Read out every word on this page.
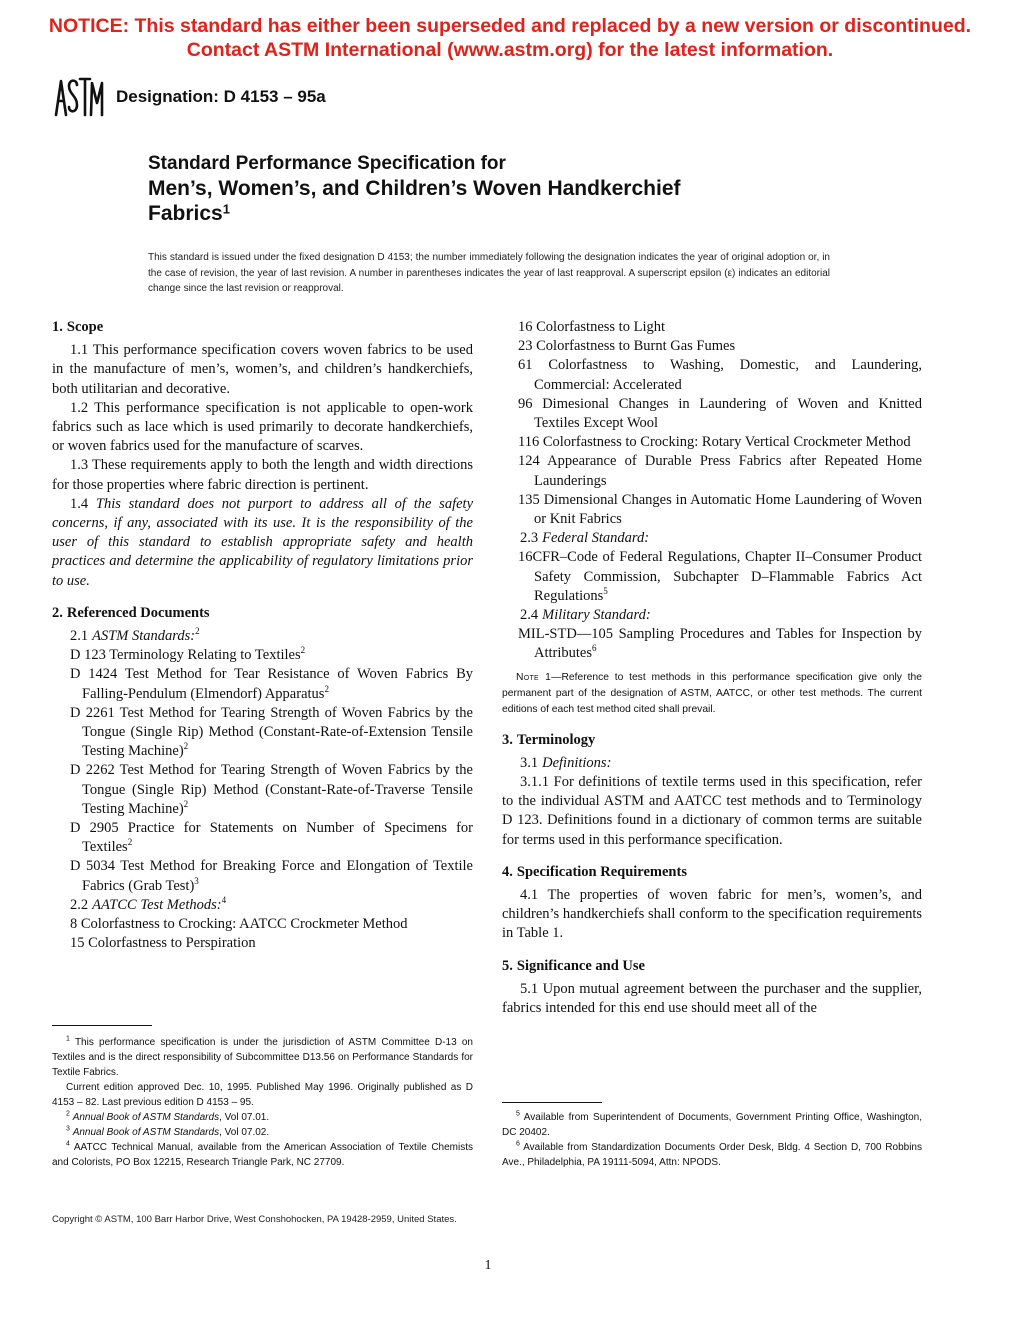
NOTICE: This standard has either been superseded and replaced by a new version or discontinued.
Contact ASTM International (www.astm.org) for the latest information.
Designation: D 4153 – 95a
Standard Performance Specification for
Men’s, Women’s, and Children’s Woven Handkerchief
Fabrics$^1$
This standard is issued under the fixed designation D 4153; the number immediately following the designation indicates the year of original adoption or, in the case of revision, the year of last revision. A number in parentheses indicates the year of last reapproval. A superscript epsilon (ε) indicates an editorial change since the last revision or reapproval.
1. Scope

1.1 This performance specification covers woven fabrics to be used in the manufacture of men’s, women’s, and children’s handkerchiefs, both utilitarian and decorative.

1.2 This performance specification is not applicable to open-work fabrics such as lace which is used primarily to decorate handkerchiefs, or woven fabrics used for the manufacture of scarves.

1.3 These requirements apply to both the length and width directions for those properties where fabric direction is pertinent.

1.4 This standard does not purport to address all of the safety concerns, if any, associated with its use. It is the responsibility of the user of this standard to establish appropriate safety and health practices and determine the applicability of regulatory limitations prior to use.

2. Referenced Documents

2.1 ASTM Standards:$^2$

D 123 Terminology Relating to Textiles$^2$

D 1424 Test Method for Tear Resistance of Woven Fabrics By Falling-Pendulum (Elmendorf) Apparatus$^2$

D 2261 Test Method for Tearing Strength of Woven Fabrics by the Tongue (Single Rip) Method (Constant-Rate-of-Extension Tensile Testing Machine)$^2$

D 2262 Test Method for Tearing Strength of Woven Fabrics by the Tongue (Single Rip) Method (Constant-Rate-of-Traverse Tensile Testing Machine)$^2$

D 2905 Practice for Statements on Number of Specimens for Textiles$^2$

D 5034 Test Method for Breaking Force and Elongation of Textile Fabrics (Grab Test)$^3$

2.2 AATCC Test Methods:$^4$

8 Colorfastness to Crocking: AATCC Crockmeter Method

15 Colorfastness to Perspiration

$^1$ This performance specification is under the jurisdiction of ASTM Committee D-13 on Textiles and is the direct responsibility of Subcommittee D13.56 on Performance Standards for Textile Fabrics.

Current edition approved Dec. 10, 1995. Published May 1996. Originally published as D 4153 – 82. Last previous edition D 4153 – 95.

$^2$ Annual Book of ASTM Standards, Vol 07.01.

$^3$ Annual Book of ASTM Standards, Vol 07.02.

$^4$ AATCC Technical Manual, available from the American Association of Textile Chemists and Colorists, PO Box 12215, Research Triangle Park, NC 27709.

16 Colorfastness to Light

23 Colorfastness to Burnt Gas Fumes

61 Colorfastness to Washing, Domestic, and Laundering, Commercial: Accelerated

96 Dimesional Changes in Laundering of Woven and Knitted Textiles Except Wool

116 Colorfastness to Crocking: Rotary Vertical Crockmeter Method

124 Appearance of Durable Press Fabrics after Repeated Home Launderings

135 Dimensional Changes in Automatic Home Laundering of Woven or Knit Fabrics

2.3 Federal Standard:

16CFR–Code of Federal Regulations, Chapter II–Consumer Product Safety Commission, Subchapter D–Flammable Fabrics Act Regulations$^5$

2.4 Military Standard:

MIL-STD—105 Sampling Procedures and Tables for Inspection by Attributes$^6$

Note 1—Reference to test methods in this performance specification give only the permanent part of the designation of ASTM, AATCC, or other test methods. The current editions of each test method cited shall prevail.

3. Terminology

3.1 Definitions:

3.1.1 For definitions of textile terms used in this specification, refer to the individual ASTM and AATCC test methods and to Terminology D 123. Definitions found in a dictionary of common terms are suitable for terms used in this performance specification.

4. Specification Requirements

4.1 The properties of woven fabric for men’s, women’s, and children’s handkerchiefs shall conform to the specification requirements in Table 1.

5. Significance and Use

5.1 Upon mutual agreement between the purchaser and the supplier, fabrics intended for this end use should meet all of the

$^5$ Available from Superintendent of Documents, Government Printing Office, Washington, DC 20402.

$^6$ Available from Standardization Documents Order Desk, Bldg. 4 Section D, 700 Robbins Ave., Philadelphia, PA 19111-5094, Attn: NPODS.

Copyright © ASTM, 100 Barr Harbor Drive, West Conshohocken, PA 19428-2959, United States.
1
